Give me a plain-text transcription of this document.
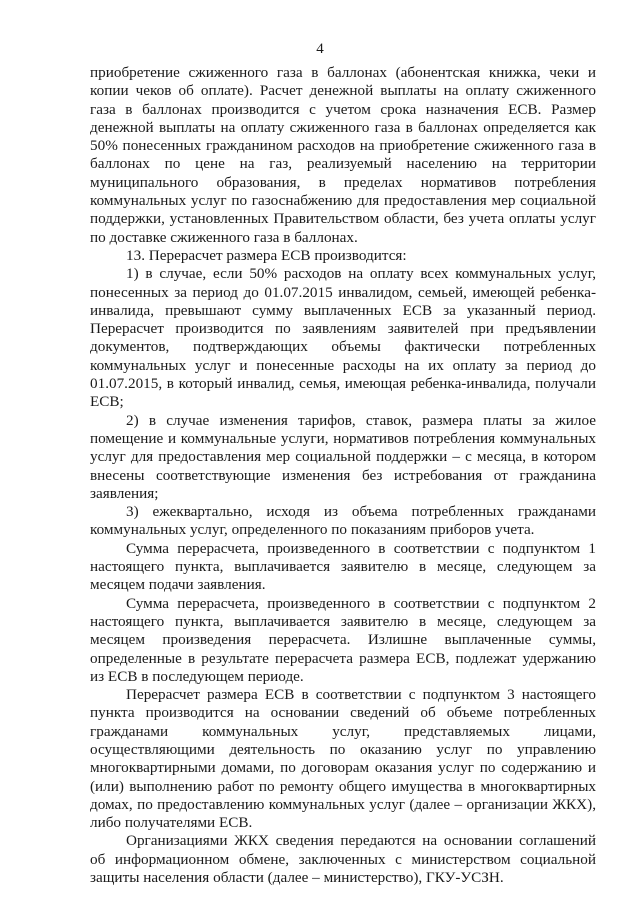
4

приобретение сжиженного газа в баллонах (абонентская книжка, чеки и копии чеков об оплате). Расчет денежной выплаты на оплату сжиженного газа в баллонах производится с учетом срока назначения ЕСВ. Размер денежной выплаты на оплату сжиженного газа в баллонах определяется как 50% понесенных гражданином расходов на приобретение сжиженного газа в баллонах по цене на газ, реализуемый населению на территории муниципального образования, в пределах нормативов потребления коммунальных услуг по газоснабжению для предоставления мер социальной поддержки, установленных Правительством области, без учета оплаты услуг по доставке сжиженного газа в баллонах.

13. Перерасчет размера ЕСВ производится:

1) в случае, если 50% расходов на оплату всех коммунальных услуг, понесенных за период до 01.07.2015 инвалидом, семьей, имеющей ребенка-инвалида, превышают сумму выплаченных ЕСВ за указанный период. Перерасчет производится по заявлениям заявителей при предъявлении документов, подтверждающих объемы фактически потребленных коммунальных услуг и понесенные расходы на их оплату за период до 01.07.2015, в который инвалид, семья, имеющая ребенка-инвалида, получали ЕСВ;

2) в случае изменения тарифов, ставок, размера платы за жилое помещение и коммунальные услуги, нормативов потребления коммунальных услуг для предоставления мер социальной поддержки – с месяца, в котором внесены соответствующие изменения без истребования от гражданина заявления;

3) ежеквартально, исходя из объема потребленных гражданами коммунальных услуг, определенного по показаниям приборов учета.

Сумма перерасчета, произведенного в соответствии с подпунктом 1 настоящего пункта, выплачивается заявителю в месяце, следующем за месяцем подачи заявления.

Сумма перерасчета, произведенного в соответствии с подпунктом 2 настоящего пункта, выплачивается заявителю в месяце, следующем за месяцем произведения перерасчета. Излишне выплаченные суммы, определенные в результате перерасчета размера ЕСВ, подлежат удержанию из ЕСВ в последующем периоде.

Перерасчет размера ЕСВ в соответствии с подпунктом 3 настоящего пункта производится на основании сведений об объеме потребленных гражданами коммунальных услуг, представляемых лицами, осуществляющими деятельность по оказанию услуг по управлению многоквартирными домами, по договорам оказания услуг по содержанию и (или) выполнению работ по ремонту общего имущества в многоквартирных домах, по предоставлению коммунальных услуг (далее – организации ЖКХ), либо получателями ЕСВ.

Организациями ЖКХ сведения передаются на основании соглашений об информационном обмене, заключенных с министерством социальной защиты населения области (далее – министерство), ГКУ-УСЗН.
